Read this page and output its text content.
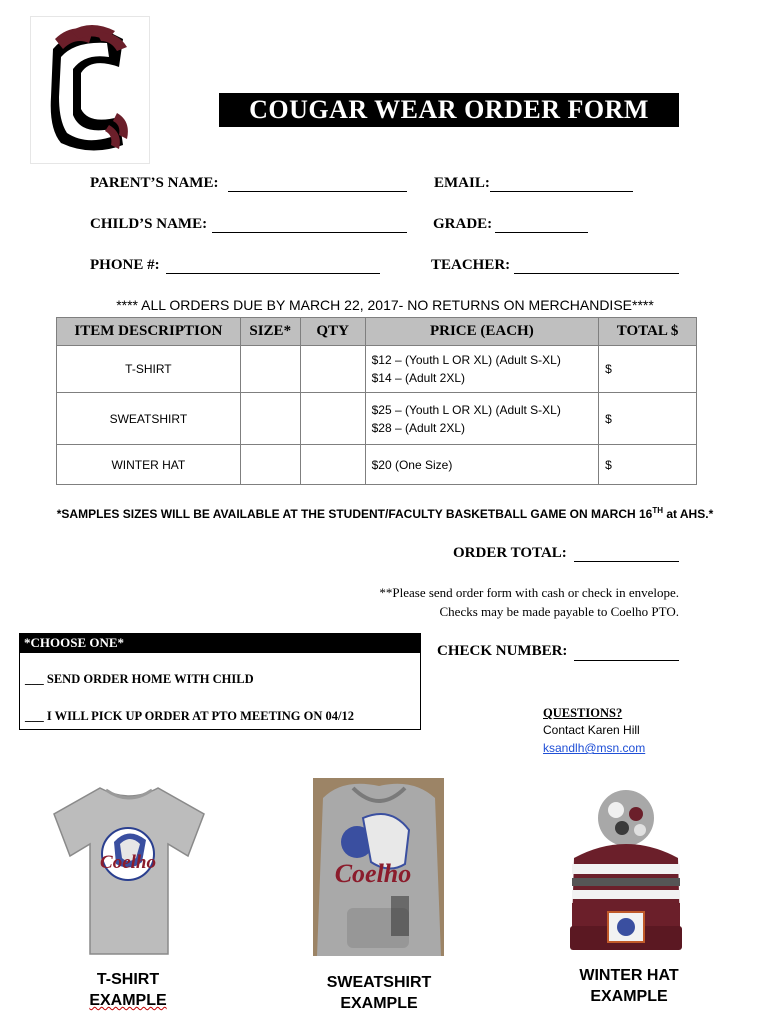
COUGAR WEAR ORDER FORM
PARENT’S NAME:	EMAIL:
CHILD’S NAME:	GRADE:
PHONE #:	TEACHER:
**** ALL ORDERS DUE BY MARCH 22, 2017- NO RETURNS ON MERCHANDISE****
ITEM DESCRIPTION	SIZE*	QTY	PRICE (EACH)	TOTAL $
T-SHIRT			$12 – (Youth L OR XL) (Adult S-XL)
$14 – (Adult 2XL)	$
SWEATSHIRT			$25 – (Youth L OR XL) (Adult S-XL)
$28 – (Adult 2XL)	$
WINTER HAT			$20 (One Size)	$
*SAMPLES SIZES WILL BE AVAILABLE AT THE STUDENT/FACULTY BASKETBALL GAME ON MARCH 16TH at AHS.*
ORDER TOTAL:
**Please send order form with cash or check in envelope.
Checks may be made payable to Coelho PTO.
*CHOOSE ONE*
___ SEND ORDER HOME WITH CHILD
___ I WILL PICK UP ORDER AT PTO MEETING ON 04/12
CHECK NUMBER:
QUESTIONS?
Contact Karen Hill
ksandlh@msn.com
Coelho	Coelho
T-SHIRT
EXAMPLE
SWEATSHIRT
EXAMPLE
WINTER HAT
EXAMPLE
